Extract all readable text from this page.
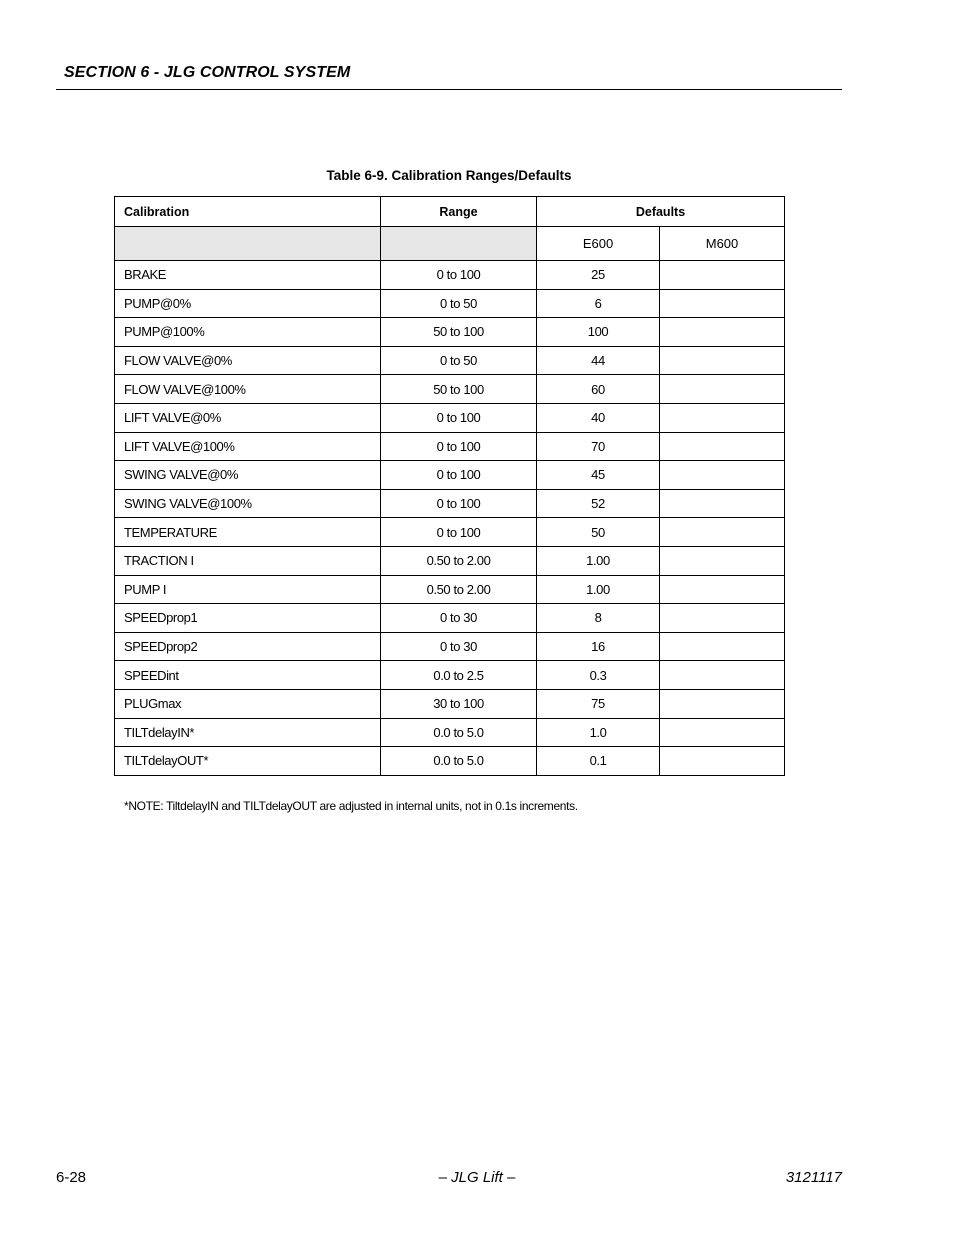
SECTION 6 - JLG CONTROL SYSTEM
Table 6-9. Calibration Ranges/Defaults
Calibration	Range	Defaults	
		E600	M600
BRAKE	0 to 100	25	
PUMP@0%	0 to 50	6	
PUMP@100%	50 to 100	100	
FLOW VALVE@0%	0 to 50	44	
FLOW VALVE@100%	50 to 100	60	
LIFT VALVE@0%	0 to 100	40	
LIFT VALVE@100%	0 to 100	70	
SWING VALVE@0%	0 to 100	45	
SWING VALVE@100%	0 to 100	52	
TEMPERATURE	0 to 100	50	
TRACTION I	0.50 to 2.00	1.00	
PUMP I	0.50 to 2.00	1.00	
SPEEDprop1	0 to 30	8	
SPEEDprop2	0 to 30	16	
SPEEDint	0.0 to 2.5	0.3	
PLUGmax	30 to 100	75	
TILTdelayIN*	0.0 to 5.0	1.0	
TILTdelayOUT*	0.0 to 5.0	0.1	
*NOTE: TiltdelayIN and TILTdelayOUT are adjusted in internal units, not in 0.1s increments.
6-28	– JLG Lift –	3121117
